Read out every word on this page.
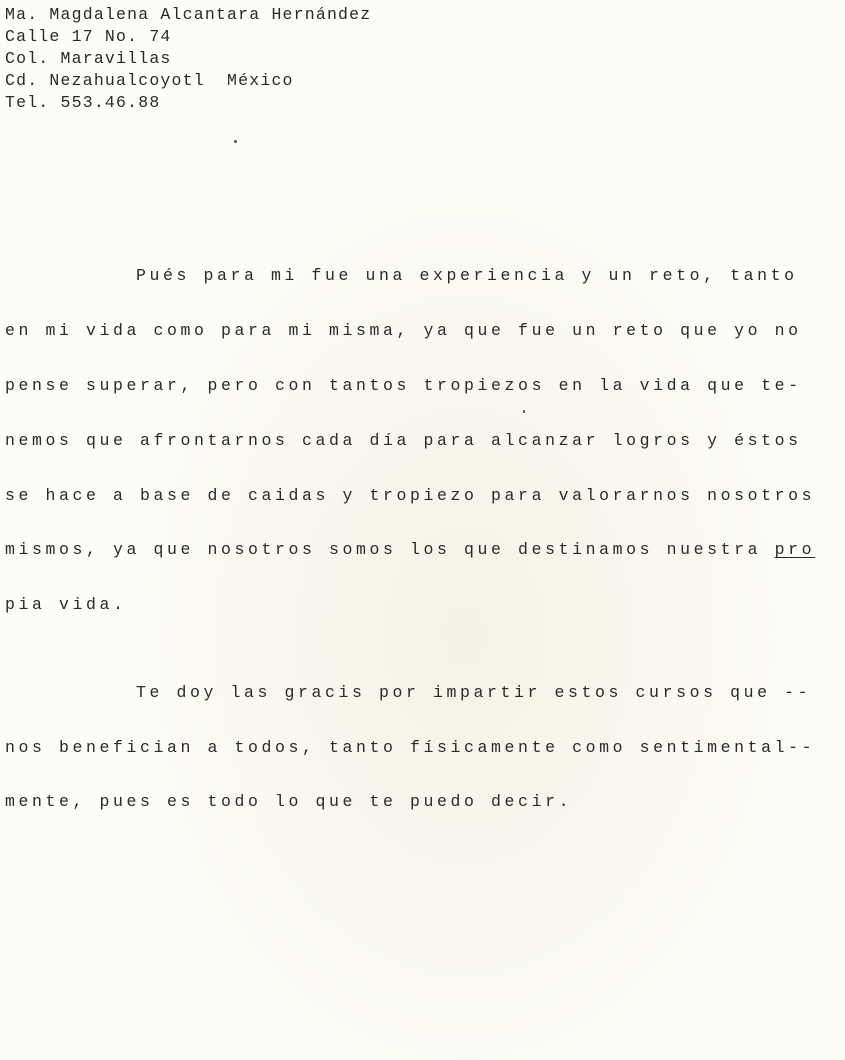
Ma. Magdalena Alcantara Hernández
Calle 17 No. 74
Col. Maravillas
Cd. Nezahualcoyotl  México
Tel. 553.46.88
Pués para mi fue una experiencia y un reto, tanto
en mi vida como para mi misma, ya que fue un reto que yo no
pense superar, pero con tantos tropiezos en la vida que te-
nemos que afrontarnos cada día para alcanzar logros y éstos
se hace a base de caidas y tropiezo para valorarnos nosotros
mismos, ya que nosotros somos los que destinamos nuestra pro
pia vida.
Te doy las gracis por impartir estos cursos que --
nos benefician a todos, tanto físicamente como sentimental--
mente, pues es todo lo que te puedo decir.
